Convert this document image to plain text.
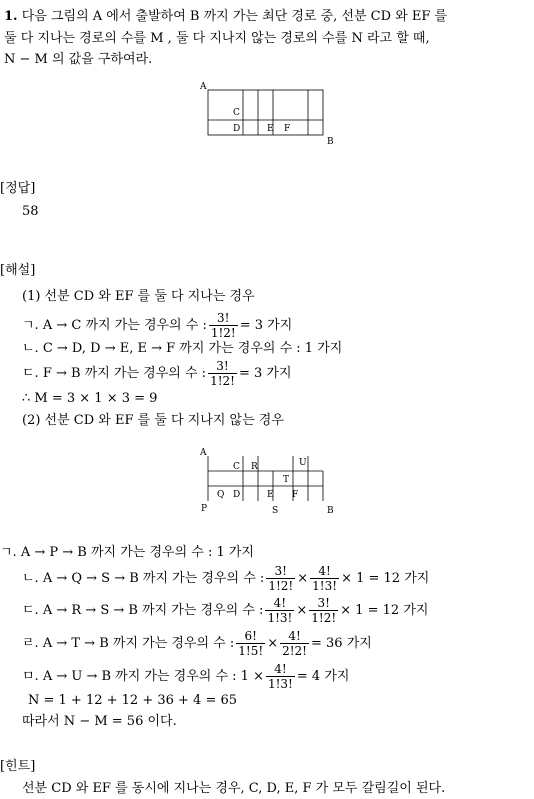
1. 다음 그림의 A 에서 출발하여 B 까지 가는 최단 경로 중, 선분 CD 와 EF 를
둘 다 지나는 경로의 수를 M , 둘 다 지나지 않는 경로의 수를 N 라고 할 때,
N − M 의 값을 구하여라.
A
C
D	E F
B
[정답]
58
[해설]
(1) 선분 CD 와 EF 를 둘 다 지나는 경우
ㄱ. A → C 까지 가는 경우의 수 : $\frac{3!}{1!2!} = 3$ 가지
ㄴ. C → D, D → E, E → F 까지 가는 경우의 수 : 1 가지
ㄷ. F → B 까지 가는 경우의 수 : $\frac{3!}{1!2!} = 3$ 가지
∴ M = 3 × 1 × 3 = 9
(2) 선분 CD 와 EF 를 둘 다 지나지 않는 경우
A
C R	U
T
Q D	E F
P	S	B
ㄱ. A → P → B 까지 가는 경우의 수 : 1 가지
ㄴ. A → Q → S → B 까지 가는 경우의 수 : $\frac{3!}{1!2!} \times \frac{4!}{1!3!} \times 1 = 12$ 가지
ㄷ. A → R → S → B 까지 가는 경우의 수 : $\frac{4!}{1!3!} \times \frac{3!}{1!2!} \times 1 = 12$ 가지
ㄹ. A → T → B 까지 가는 경우의 수 : $\frac{6!}{1!5!} \times \frac{4!}{2!2!} = 36$ 가지
ㅁ. A → U → B 까지 가는 경우의 수 : $1 \times \frac{4!}{1!3!} = 4$ 가지
N = 1 + 12 + 12 + 36 + 4 = 65
따라서 N − M = 56 이다.
[힌트]
선분 CD 와 EF 를 동시에 지나는 경우, C, D, E, F 가 모두 갈림길이 된다.
